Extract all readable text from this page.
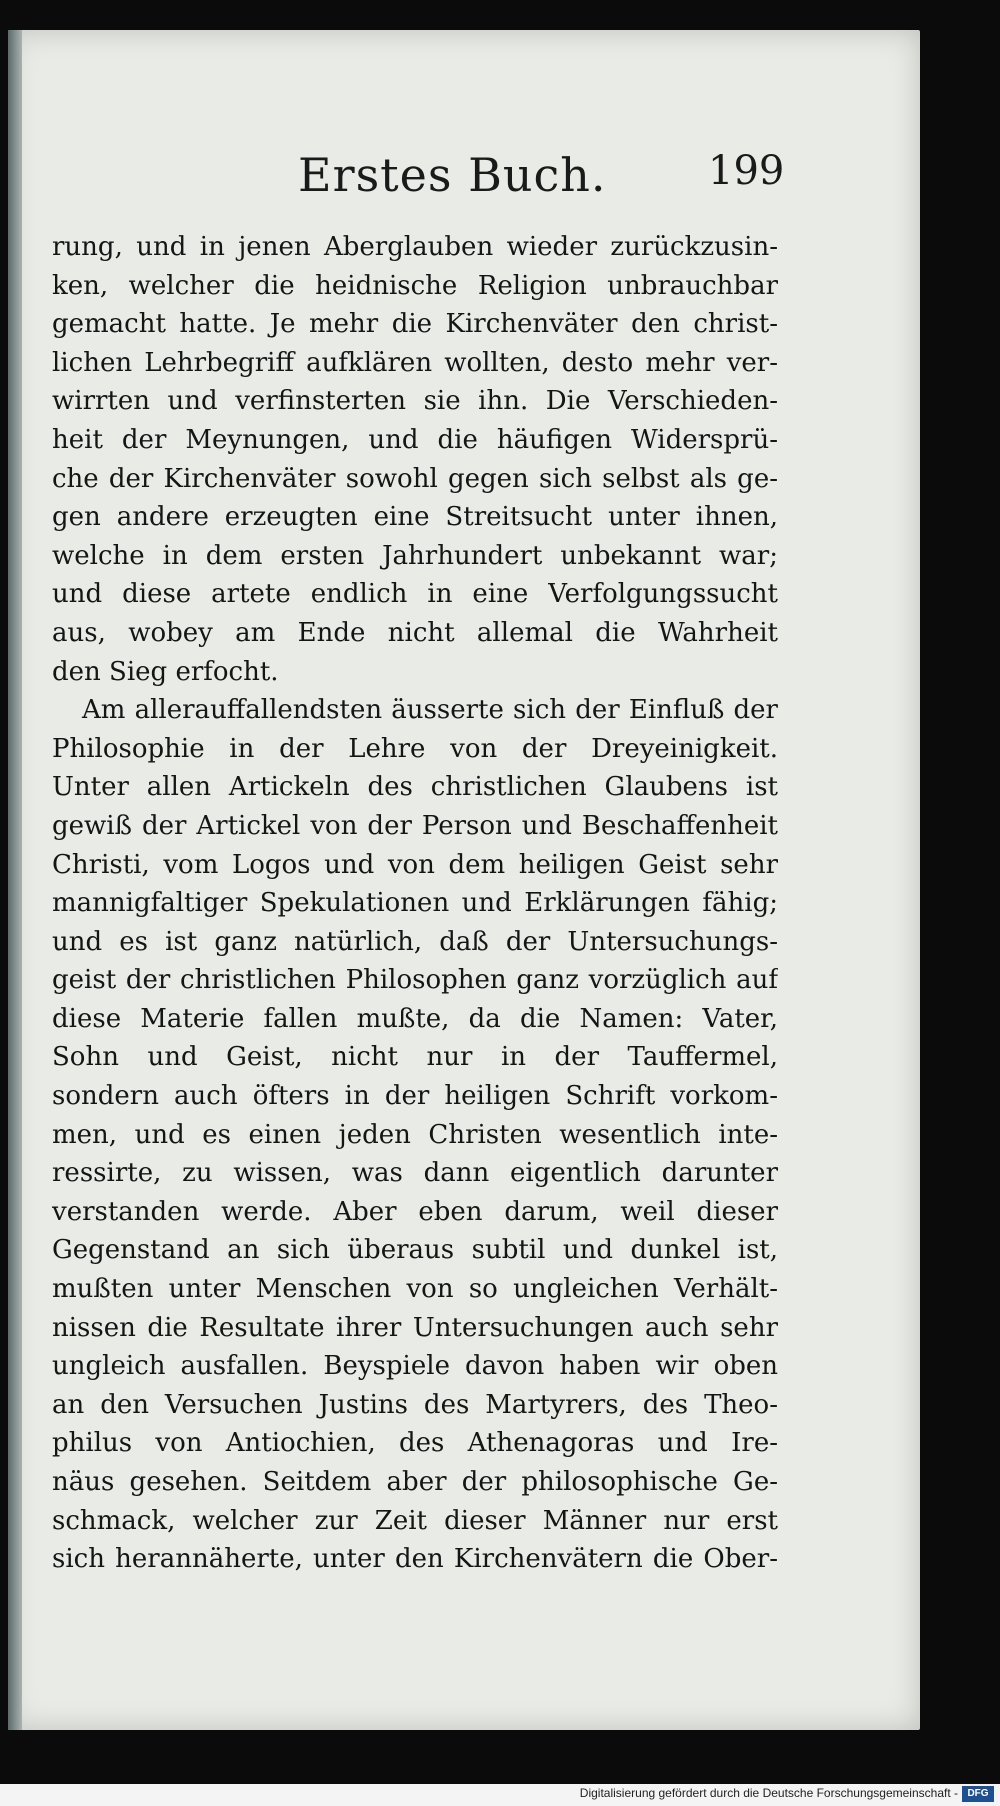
Erstes Buch.	199
rung, und in jenen Aberglauben wieder zurückzusin-
ken, welcher die heidnische Religion unbrauchbar
gemacht hatte. Je mehr die Kirchenväter den christ-
lichen Lehrbegriff aufklären wollten, desto mehr ver-
wirrten und verfinsterten sie ihn. Die Verschieden-
heit der Meynungen, und die häufigen Widersprü-
che der Kirchenväter sowohl gegen sich selbst als ge-
gen andere erzeugten eine Streitsucht unter ihnen,
welche in dem ersten Jahrhundert unbekannt war;
und diese artete endlich in eine Verfolgungssucht
aus, wobey am Ende nicht allemal die Wahrheit
den Sieg erfocht.
Am allerauffallendsten äusserte sich der Einfluß der
Philosophie in der Lehre von der Dreyeinigkeit.
Unter allen Artickeln des christlichen Glaubens ist
gewiß der Artickel von der Person und Beschaffenheit
Christi, vom Logos und von dem heiligen Geist sehr
mannigfaltiger Spekulationen und Erklärungen fähig;
und es ist ganz natürlich, daß der Untersuchungs-
geist der christlichen Philosophen ganz vorzüglich auf
diese Materie fallen mußte, da die Namen: Vater,
Sohn und Geist, nicht nur in der Tauffermel,
sondern auch öfters in der heiligen Schrift vorkom-
men, und es einen jeden Christen wesentlich inte-
ressirte, zu wissen, was dann eigentlich darunter
verstanden werde. Aber eben darum, weil dieser
Gegenstand an sich überaus subtil und dunkel ist,
mußten unter Menschen von so ungleichen Verhält-
nissen die Resultate ihrer Untersuchungen auch sehr
ungleich ausfallen. Beyspiele davon haben wir oben
an den Versuchen Justins des Martyrers, des Theo-
philus von Antiochien, des Athenagoras und Ire-
näus gesehen. Seitdem aber der philosophische Ge-
schmack, welcher zur Zeit dieser Männer nur erst
sich heranna͏̈herte, unter den Kirchenvätern die Ober-
Digitalisierung gefördert durch die Deutsche Forschungsgemeinschaft - DFG
